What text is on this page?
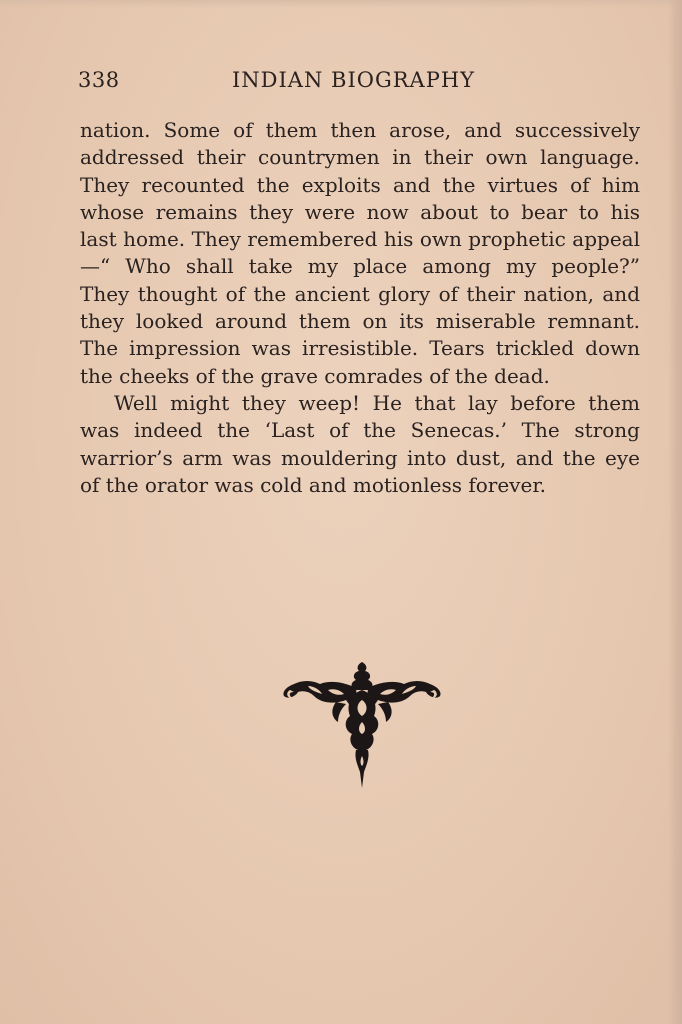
338	INDIAN BIOGRAPHY
nation. Some of them then arose, and successively
addressed their countrymen in their own language.
They recounted the exploits and the virtues of him
whose remains they were now about to bear to his
last home. They remembered his own prophetic appeal
—“ Who shall take my place among my people?”
They thought of the ancient glory of their nation, and
they looked around them on its miserable remnant.
The impression was irresistible. Tears trickled down
the cheeks of the grave comrades of the dead.
Well might they weep! He that lay before them
was indeed the ‘Last of the Senecas.’ The strong
warrior’s arm was mouldering into dust, and the eye
of the orator was cold and motionless forever.
